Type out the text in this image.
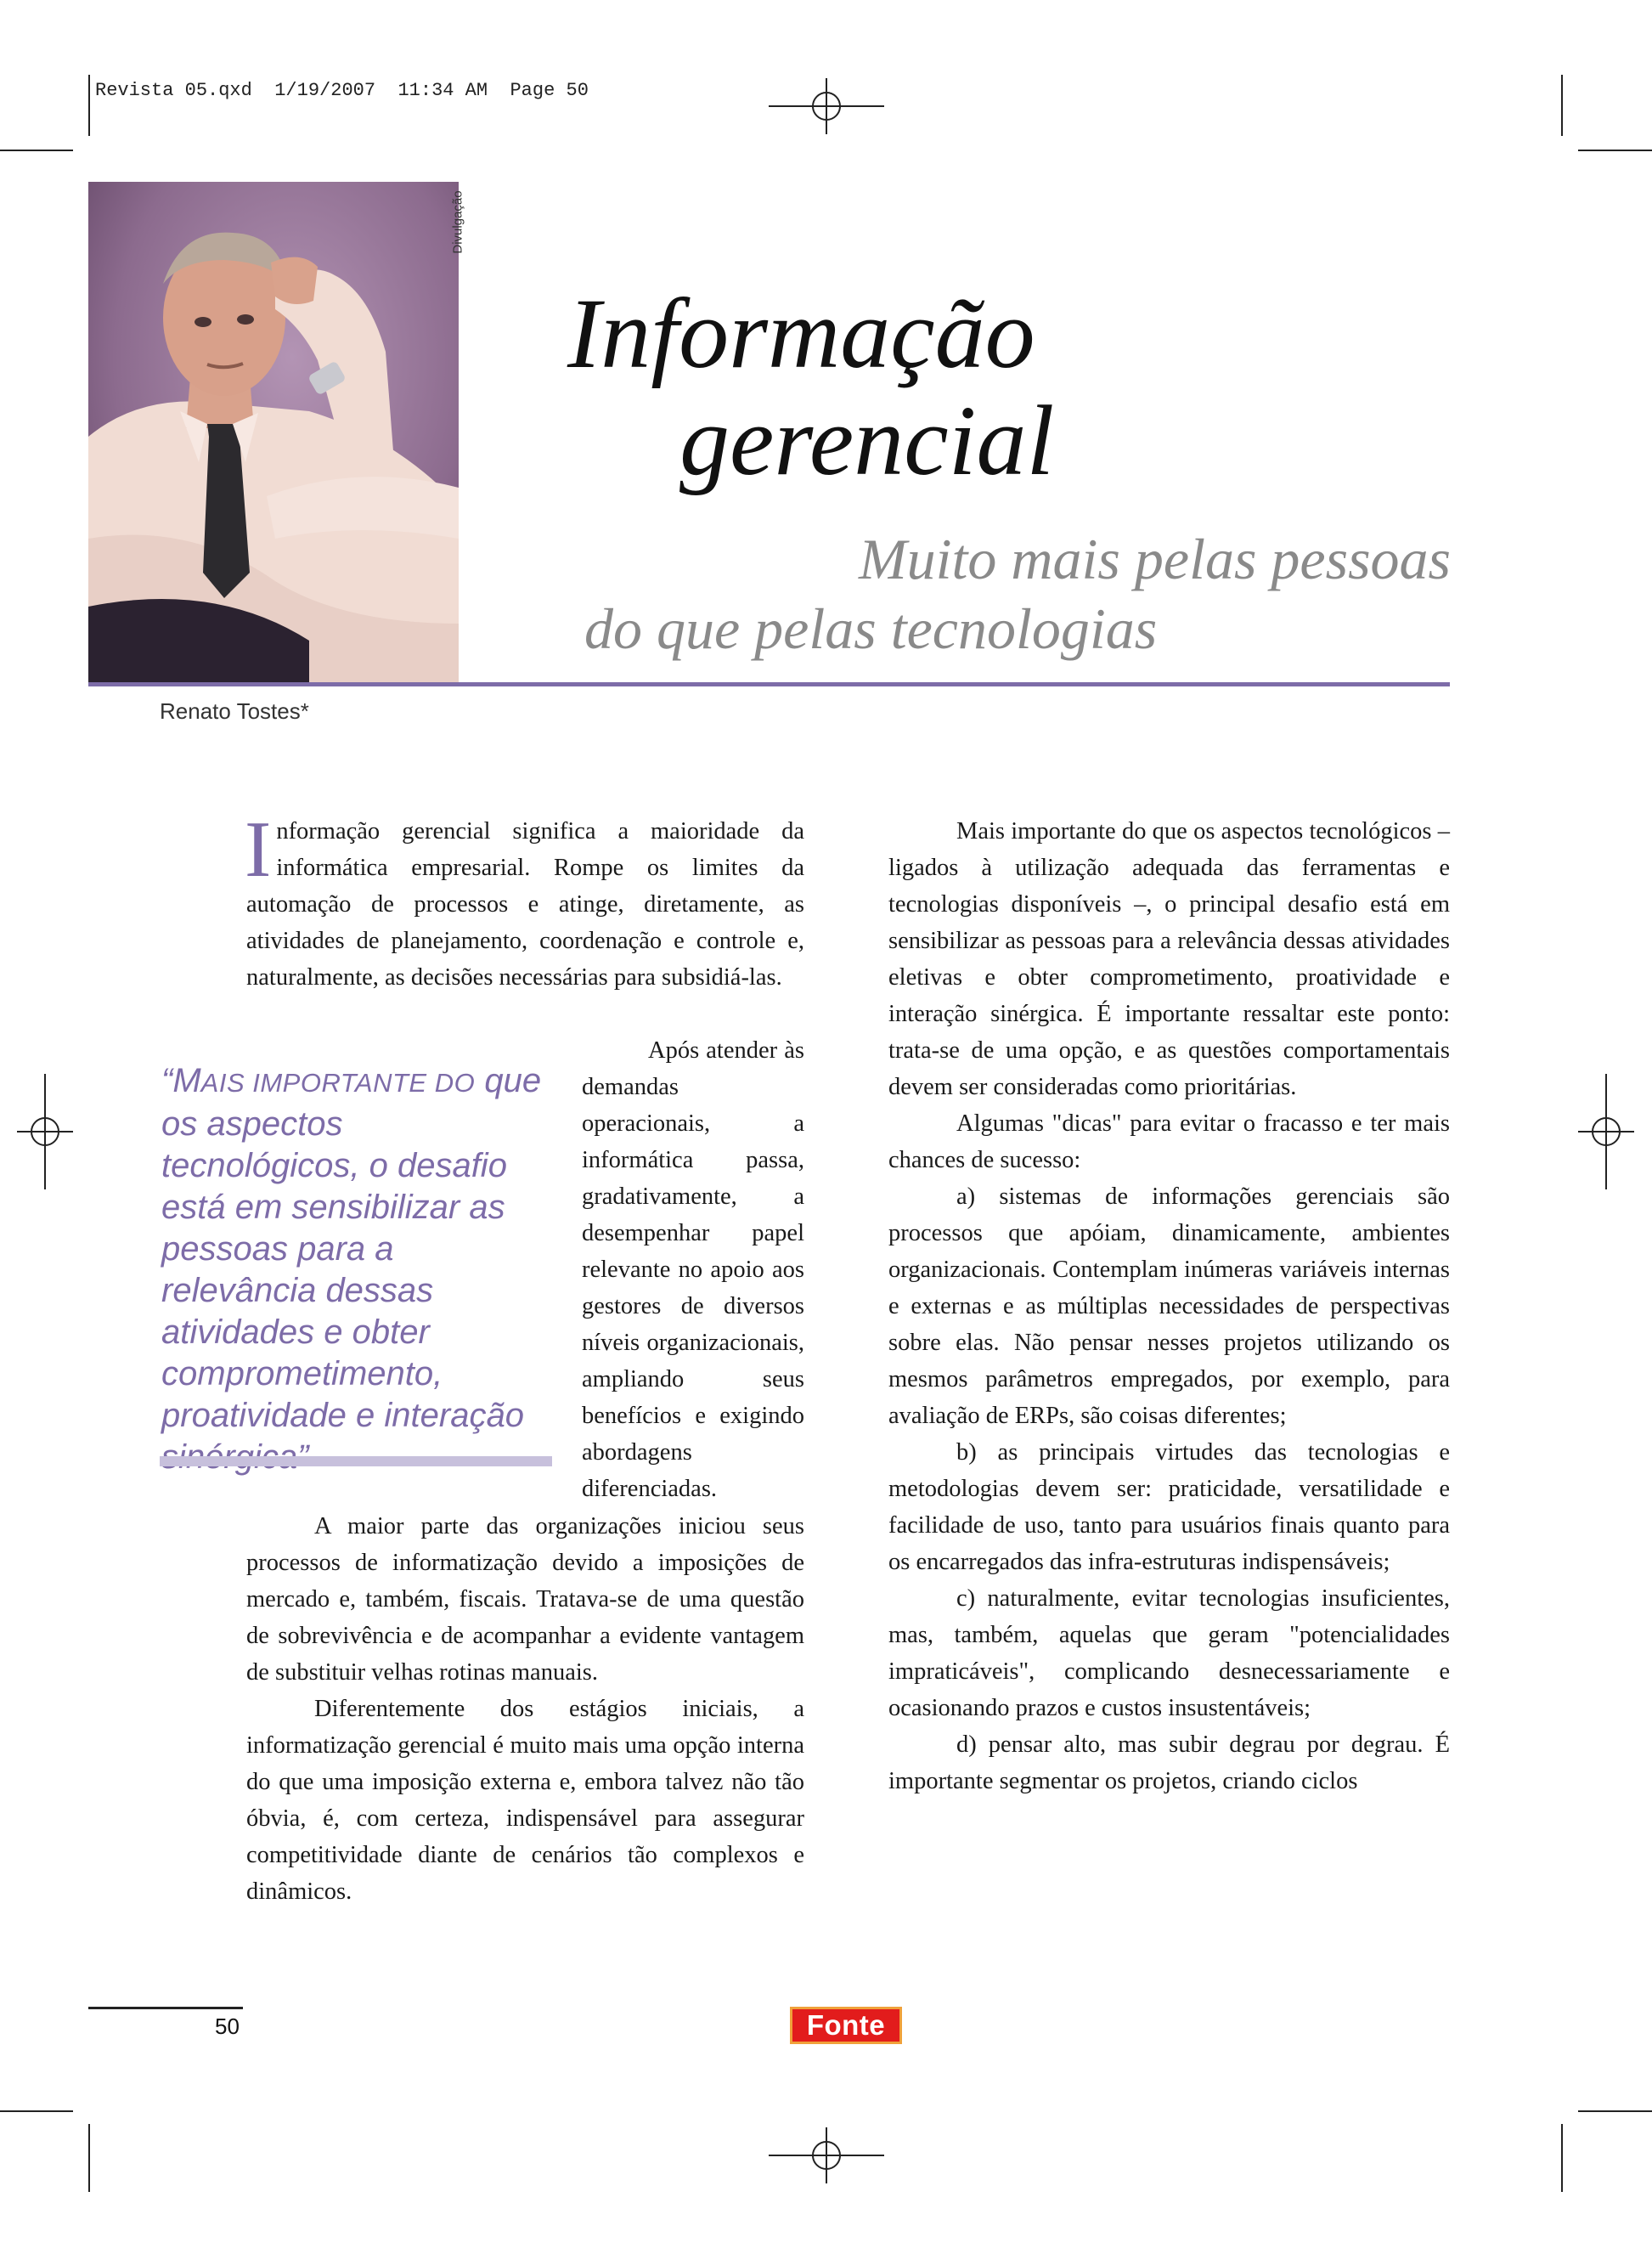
Revista 05.qxd  1/19/2007  11:34 AM  Page 50
Divulgação
Informação
gerencial
Muito mais pelas pessoas
do que pelas tecnologias
Renato Tostes*

Informação gerencial significa a maioridade da informática empresarial. Rompe os limites da automação de processos e atinge, diretamente, as atividades de planejamento, coordenação e controle e, naturalmente, as decisões necessárias para subsidiá-las.

“MAIS IMPORTANTE DO que os aspectos tecnológicos, o desafio está em sensibilizar as pessoas para a relevância dessas atividades e obter comprometimento, proatividade e interação

Após atender às demandas operacionais, a informática passa, gradativamente, a desempenhar papel relevante no apoio aos gestores de diversos níveis organizacionais, ampliando seus benefícios e exigindo abordagens diferenciadas.

A maior parte das organizações iniciou seus processos de informatização devido a imposições de mercado e, também, fiscais. Tratava-se de uma questão de sobrevivência e de acompanhar a evidente vantagem de substituir velhas rotinas manuais.

Diferentemente dos estágios iniciais, a informatização gerencial é muito mais uma opção interna do que uma imposição externa e, embora talvez não tão óbvia, é, com certeza, indispensável para assegurar competitividade diante de cenários tão complexos e dinâmicos.

Mais importante do que os aspectos tecnológicos – ligados à utilização adequada das ferramentas e tecnologias disponíveis –, o principal desafio está em sensibilizar as pessoas para a relevância dessas atividades eletivas e obter comprometimento, proatividade e interação sinérgica. É importante ressaltar este ponto: trata-se de uma opção, e as questões comportamentais devem ser consideradas como prioritárias.

Algumas "dicas" para evitar o fracasso e ter mais chances de sucesso:

a) sistemas de informações gerenciais são processos que apóiam, dinamicamente, ambientes organizacionais. Contemplam inúmeras variáveis internas e externas e as múltiplas necessidades de perspectivas sobre elas. Não pensar nesses projetos utilizando os mesmos parâmetros empregados, por exemplo, para avaliação de ERPs, são coisas diferentes;

b) as principais virtudes das tecnologias e metodologias devem ser: praticidade, versatilidade e facilidade de uso, tanto para usuários finais quanto para os encarregados das infra-estruturas indispensáveis;

c) naturalmente, evitar tecnologias insuficientes, mas, também, aquelas que geram "potencialidades impraticáveis", complicando desnecessariamente e ocasionando prazos e custos insustentáveis;

d) pensar alto, mas subir degrau por degrau. É importante segmentar os projetos, criando ciclos

50	Fonte
